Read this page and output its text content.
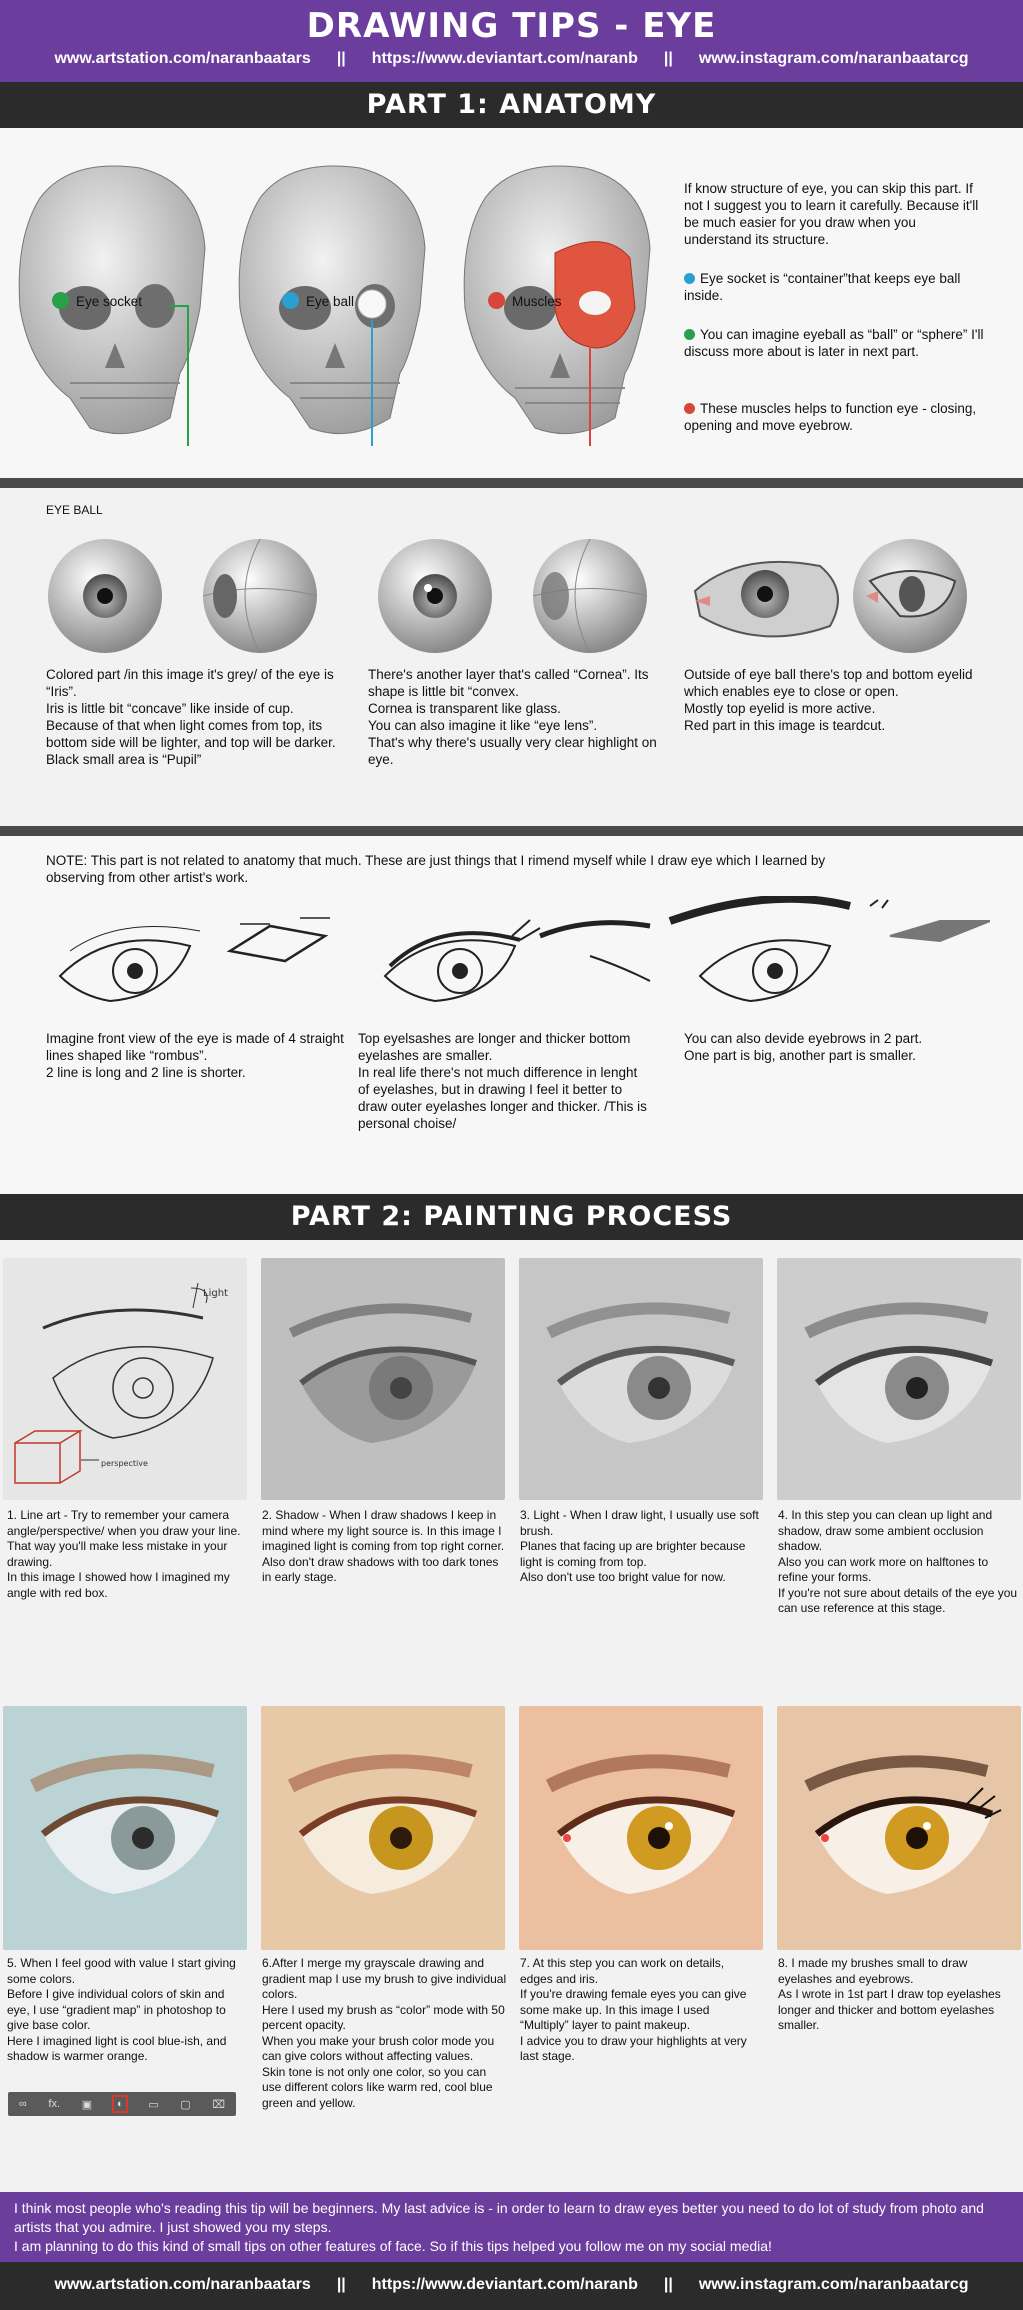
DRAWING TIPS - EYE
www.artstation.com/naranbaatars || https://www.deviantart.com/naranb || www.instagram.com/naranbaatarcg
PART 1: ANATOMY
Eye socket	Eye ball	Muscles
If know structure of eye, you can skip this part. If not I suggest you to learn it carefully. Because it'll be much easier for you draw when you understand its structure.
Eye socket is “container”that keeps eye ball inside.
You can imagine eyeball as “ball” or “sphere” I'll discuss more about is later in next part.
These muscles helps to function eye - closing, opening and move eyebrow.
EYE BALL
Colored part /in this image it's grey/ of the eye is “Iris”.
Iris is little bit “concave” like inside of cup.
Because of that when light comes from top, its bottom side will be lighter, and top will be darker.
Black small area is “Pupil”
There's another layer that's called “Cornea”. Its shape is little bit “convex.
Cornea is transparent like glass.
You can also imagine it like “eye lens”.
That's why there's usually very clear highlight on eye.
Outside of eye ball there's top and bottom eyelid which enables eye to close or open.
Mostly top eyelid is more active.
Red part in this image is teardcut.
NOTE: This part is not related to anatomy that much. These are just things that I rimend myself while I draw eye which I learned by observing from other artist's work.
Imagine front view of the eye is made of 4 straight lines shaped like “rombus”.
2 line is long and 2 line is shorter.
Top eyelsashes are longer and thicker bottom eyelashes are smaller.
In real life there's not much difference in lenght of eyelashes, but in drawing I feel it better to draw outer eyelashes longer and thicker. /This is personal choise/
You can also devide eyebrows in 2 part.
One part is big, another part is smaller.
PART 2: PAINTING PROCESS
Light
perspective
1. Line art - Try to remember your camera angle/perspective/ when you draw your line.
That way you'll make less mistake in your drawing.
In this image I showed how I imagined my angle with red box.
2. Shadow - When I draw shadows I keep in mind where my light source is. In this image I imagined light is coming from top right corner.
Also don't draw shadows with too dark tones in early stage.
3. Light - When I draw light, I usually use soft brush.
Planes that facing up are brighter because light is coming from top.
Also don't use too bright value for now.
4. In this step you can clean up light and shadow, draw some ambient occlusion shadow.
Also you can work more on halftones to refine your forms.
If you're not sure about details of the eye you can use reference at this stage.
5. When I feel good with value I start giving some colors.
Before I give individual colors of skin and eye, I use “gradient map” in photoshop to give base color.
Here I imagined light is cool blue-ish, and shadow is warmer orange.
6.After I merge my grayscale drawing and gradient map I use my brush to give individual colors.
Here I used my brush as “color” mode with 50 percent opacity.
When you make your brush color mode you can give colors without affecting values.
Skin tone is not only one color, so you can use different colors like warm red, cool blue green and yellow.
7. At this step you can work on details, edges and iris.
If you're drawing female eyes you can give some make up. In this image I used “Multiply” layer to paint makeup.
I advice you to draw your highlights at very last stage.
8. I made my brushes small to draw eyelashes and eyebrows.
As I wrote in 1st part I draw top eyelashes longer and thicker and bottom eyelashes smaller.
∞ fx. ▣ ◐ ▭ ▢ ⌧
I think most people who's reading this tip will be beginners. My last advice is - in order to learn to draw eyes better you need to do lot of study from photo and artists that you admire. I just showed you my steps.
I am planning to do this kind of small tips on other features of face. So if this tips helped you follow me on my social media!
www.artstation.com/naranbaatars || https://www.deviantart.com/naranb || www.instagram.com/naranbaatarcg
